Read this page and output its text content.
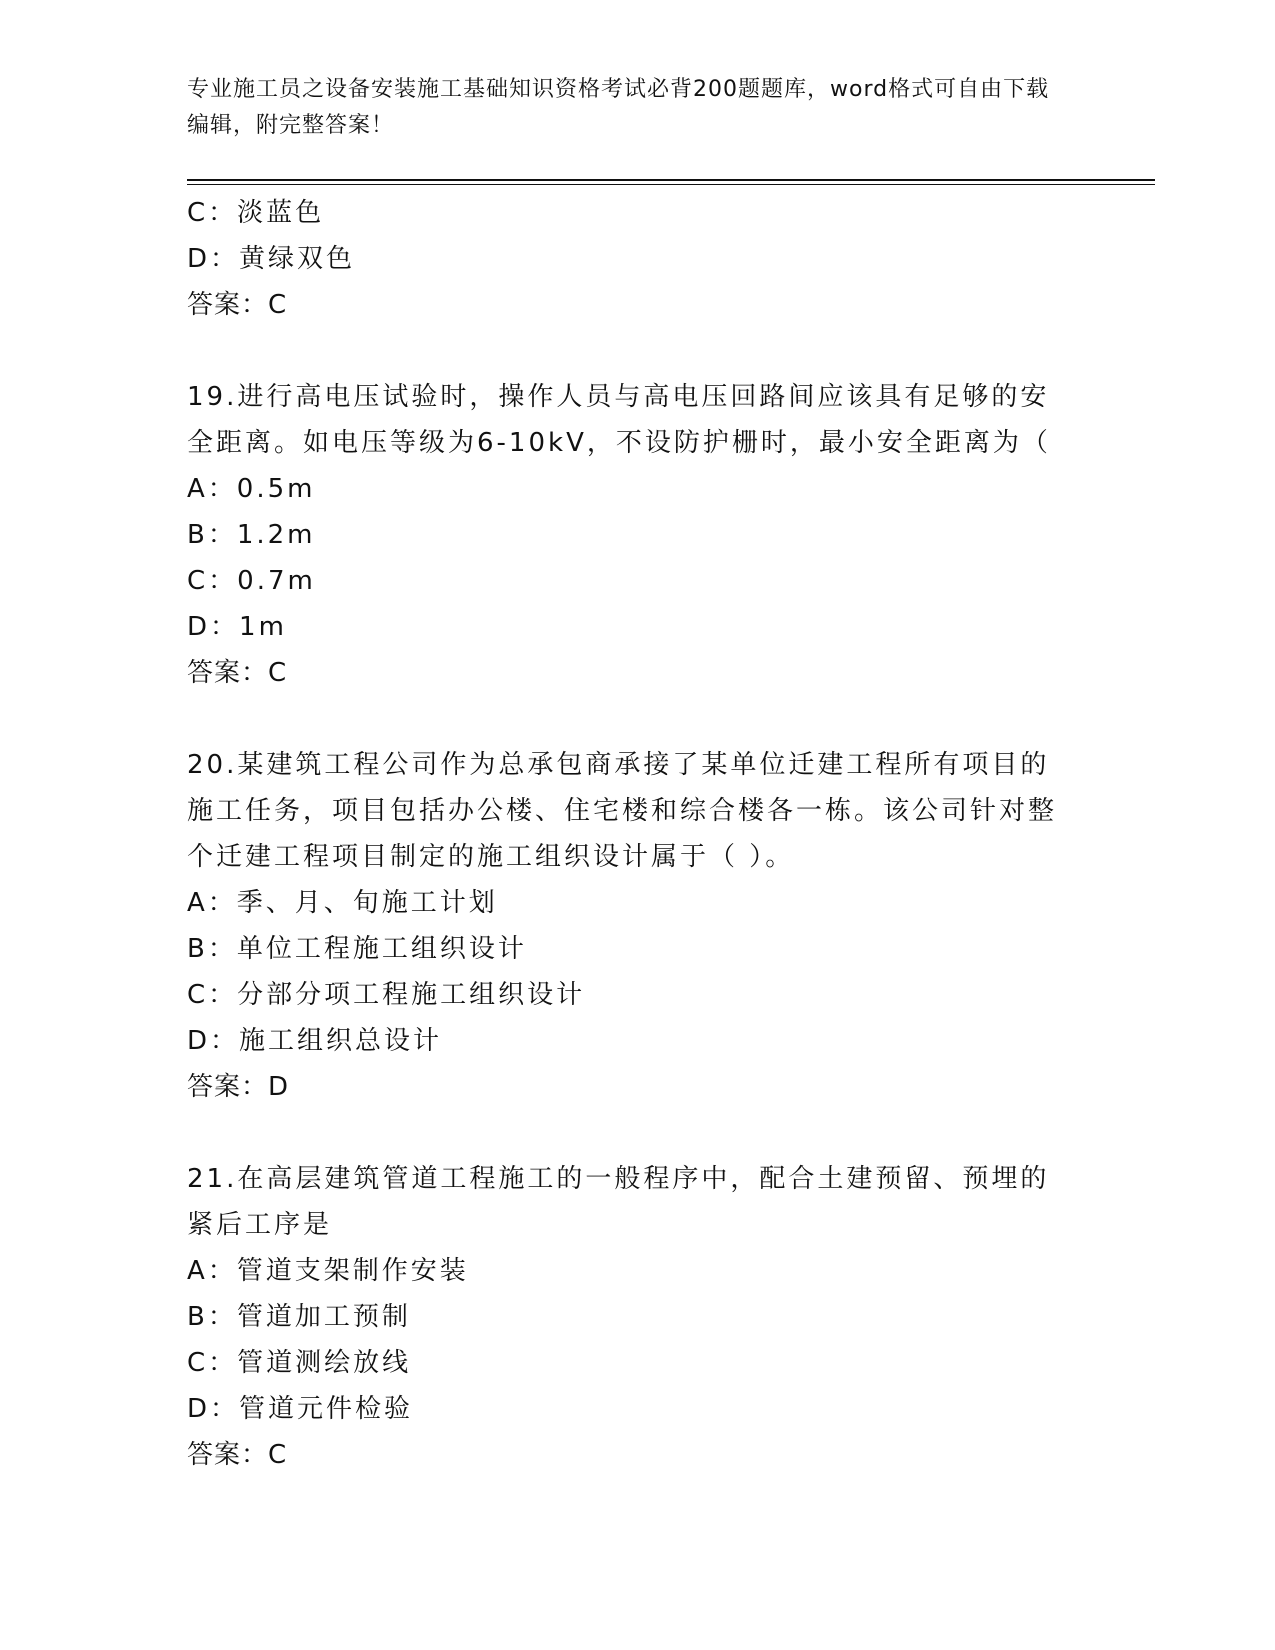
专业施工员之设备安装施工基础知识资格考试必背200题题库，word格式可自由下载编辑，附完整答案！
C：淡蓝色
D：黄绿双色
答案：C
19.进行高电压试验时，操作人员与高电压回路间应该具有足够的安全距离。如电压等级为6-10kV，不设防护栅时，最小安全距离为（
A：0.5m
B：1.2m
C：0.7m
D：1m
答案：C
20.某建筑工程公司作为总承包商承接了某单位迁建工程所有项目的施工任务，项目包括办公楼、住宅楼和综合楼各一栋。该公司针对整个迁建工程项目制定的施工组织设计属于（ ）。
A：季、月、旬施工计划
B：单位工程施工组织设计
C：分部分项工程施工组织设计
D：施工组织总设计
答案：D
21.在高层建筑管道工程施工的一般程序中，配合土建预留、预埋的紧后工序是
A：管道支架制作安装
B：管道加工预制
C：管道测绘放线
D：管道元件检验
答案：C
